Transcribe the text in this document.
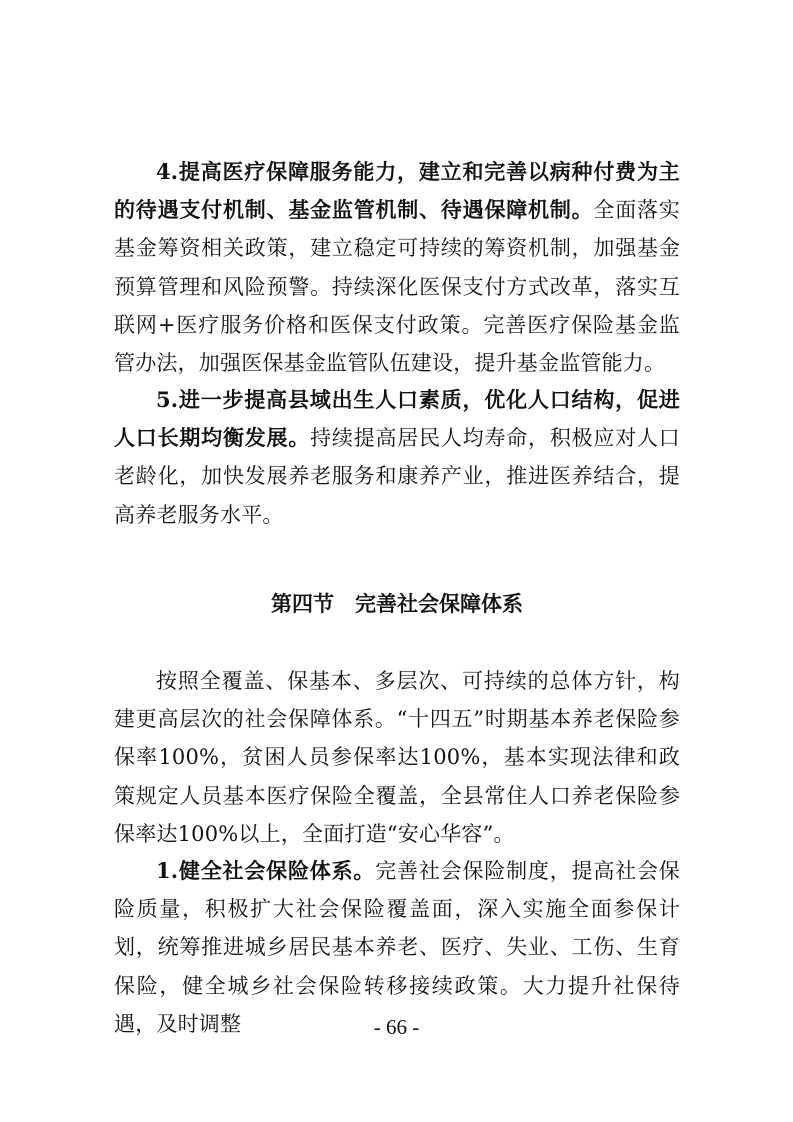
4.提高医疗保障服务能力，建立和完善以病种付费为主的待遇支付机制、基金监管机制、待遇保障机制。全面落实基金筹资相关政策，建立稳定可持续的筹资机制，加强基金预算管理和风险预警。持续深化医保支付方式改革，落实互联网+医疗服务价格和医保支付政策。完善医疗保险基金监管办法，加强医保基金监管队伍建设，提升基金监管能力。

5.进一步提高县域出生人口素质，优化人口结构，促进人口长期均衡发展。持续提高居民人均寿命，积极应对人口老龄化，加快发展养老服务和康养产业，推进医养结合，提高养老服务水平。

第四节　完善社会保障体系

按照全覆盖、保基本、多层次、可持续的总体方针，构建更高层次的社会保障体系。“十四五”时期基本养老保险参保率100%，贫困人员参保率达100%，基本实现法律和政策规定人员基本医疗保险全覆盖，全县常住人口养老保险参保率达100%以上，全面打造“安心华容”。

1.健全社会保险体系。完善社会保险制度，提高社会保险质量，积极扩大社会保险覆盖面，深入实施全面参保计划，统筹推进城乡居民基本养老、医疗、失业、工伤、生育保险，健全城乡社会保险转移接续政策。大力提升社保待遇，及时调整	- 66 -
